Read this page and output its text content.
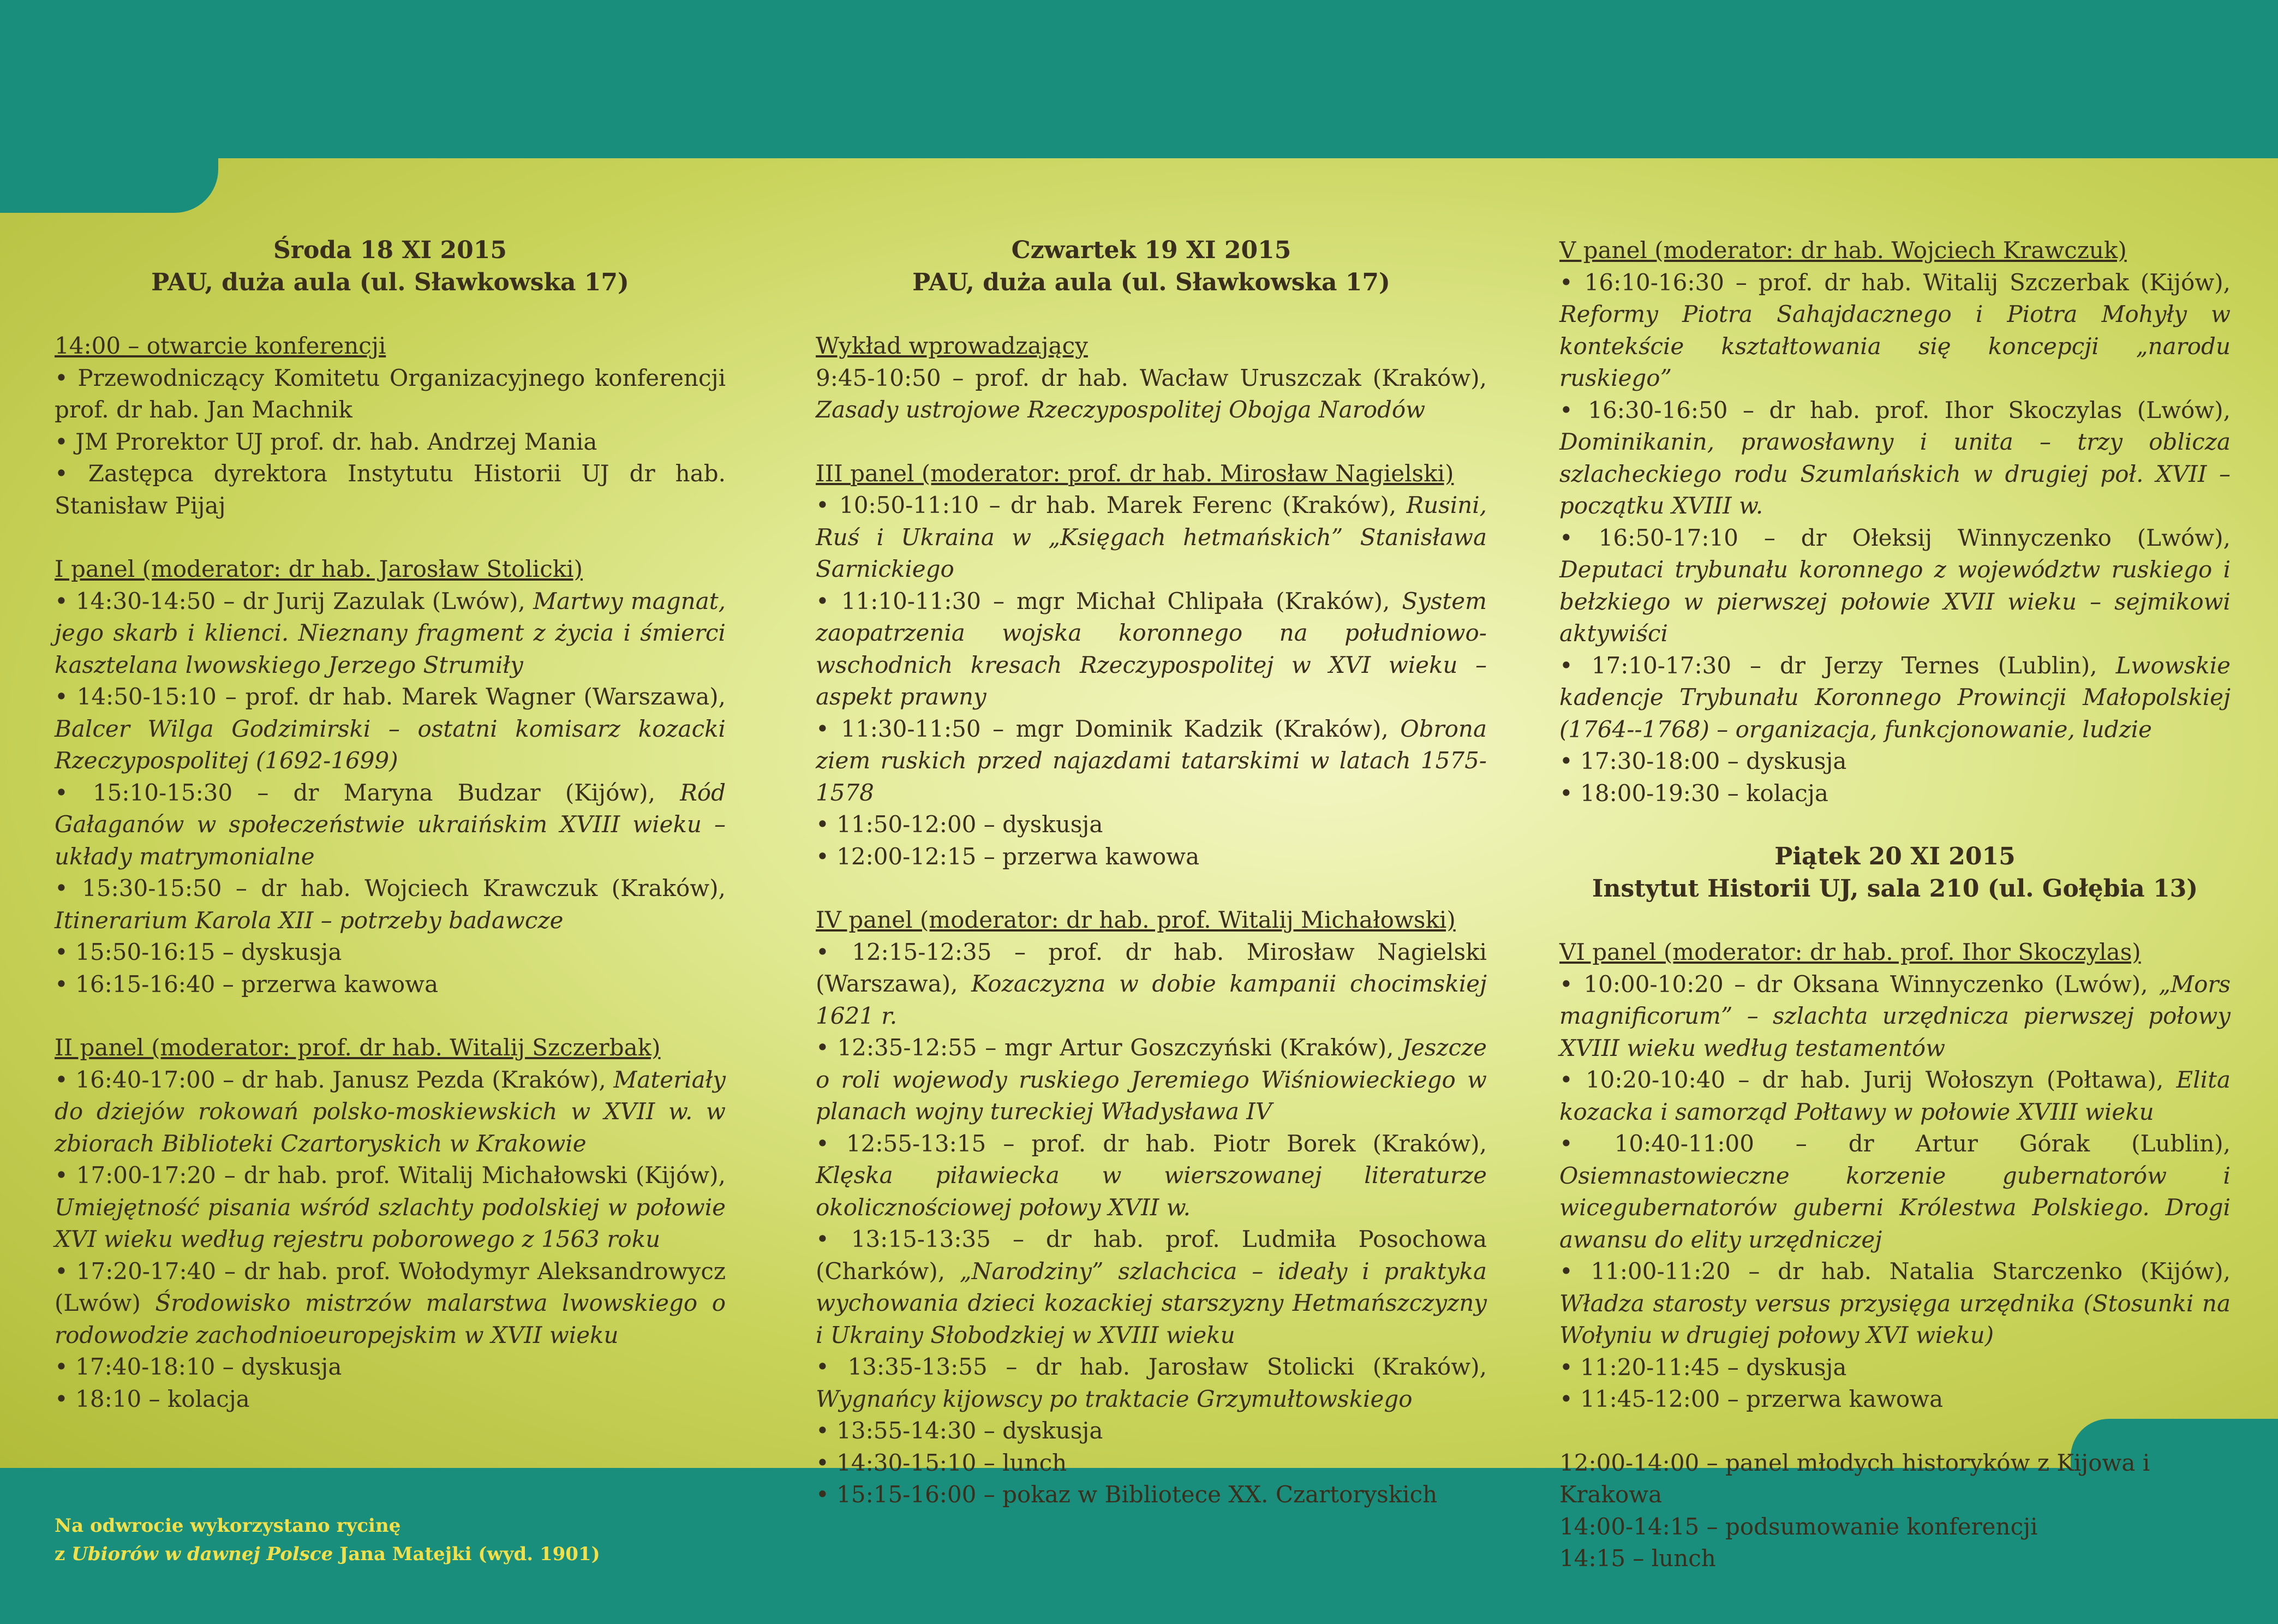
Środa 18 XI 2015
PAU, duża aula (ul. Sławkowska 17)
14:00 – otwarcie konferencji
• Przewodniczący Komitetu Organizacyjnego konferencji prof. dr hab. Jan Machnik
• JM Prorektor UJ prof. dr. hab. Andrzej Mania
• Zastępca dyrektora Instytutu Historii UJ dr hab. Stanisław Pijaj
I panel (moderator: dr hab. Jarosław Stolicki)
• 14:30-14:50 – dr Jurij Zazulak (Lwów), Martwy magnat, jego skarb i klienci. Nieznany fragment z życia i śmierci kasztelana lwowskiego Jerzego Strumiły
• 14:50-15:10 – prof. dr hab. Marek Wagner (Warszawa), Balcer Wilga Godzimirski – ostatni komisarz kozacki Rzeczypospolitej (1692-1699)
• 15:10-15:30 – dr Maryna Budzar (Kijów), Ród Gałaganów w społeczeństwie ukraińskim XVIII wieku – układy matrymonialne
• 15:30-15:50 – dr hab. Wojciech Krawczuk (Kraków), Itinerarium Karola XII – potrzeby badawcze
• 15:50-16:15 – dyskusja
• 16:15-16:40 – przerwa kawowa
II panel (moderator: prof. dr hab. Witalij Szczerbak)
• 16:40-17:00 – dr hab. Janusz Pezda (Kraków), Materiały do dziejów rokowań polsko-moskiewskich w XVII w. w zbiorach Biblioteki Czartoryskich w Krakowie
• 17:00-17:20 – dr hab. prof. Witalij Michałowski (Kijów), Umiejętność pisania wśród szlachty podolskiej w połowie XVI wieku według rejestru poborowego z 1563 roku
• 17:20-17:40 – dr hab. prof. Wołodymyr Aleksandrowycz (Lwów) Środowisko mistrzów malarstwa lwowskiego o rodowodzie zachodnioeuropejskim w XVII wieku
• 17:40-18:10 – dyskusja
• 18:10 – kolacja
Czwartek 19 XI 2015
PAU, duża aula (ul. Sławkowska 17)
Wykład wprowadzający
9:45-10:50 – prof. dr hab. Wacław Uruszczak (Kraków), Zasady ustrojowe Rzeczypospolitej Obojga Narodów
III panel (moderator: prof. dr hab. Mirosław Nagielski)
• 10:50-11:10 – dr hab. Marek Ferenc (Kraków), Rusini, Ruś i Ukraina w „Księgach hetmańskich” Stanisława Sarnickiego
• 11:10-11:30 – mgr Michał Chlipała (Kraków), System zaopatrzenia wojska koronnego na południowo-wschodnich kresach Rzeczypospolitej w XVI wieku – aspekt prawny
• 11:30-11:50 – mgr Dominik Kadzik (Kraków), Obrona ziem ruskich przed najazdami tatarskimi w latach 1575-1578
• 11:50-12:00 – dyskusja
• 12:00-12:15 – przerwa kawowa
IV panel (moderator: dr hab. prof. Witalij Michałowski)
• 12:15-12:35 – prof. dr hab. Mirosław Nagielski (Warszawa), Kozaczyzna w dobie kampanii chocimskiej 1621 r.
• 12:35-12:55 – mgr Artur Goszczyński (Kraków), Jeszcze o roli wojewody ruskiego Jeremiego Wiśniowieckiego w planach wojny tureckiej Władysława IV
• 12:55-13:15 – prof. dr hab. Piotr Borek (Kraków), Klęska piławiecka w wierszowanej literaturze okolicznościowej połowy XVII w.
• 13:15-13:35 – dr hab. prof. Ludmiła Posochowa (Charków), „Narodziny” szlachcica – ideały i praktyka wychowania dzieci kozackiej starszyzny Hetmańszczyzny i Ukrainy Słobodzkiej w XVIII wieku
• 13:35-13:55 – dr hab. Jarosław Stolicki (Kraków), Wygnańcy kijowscy po traktacie Grzymułtowskiego
• 13:55-14:30 – dyskusja
• 14:30-15:10 – lunch
• 15:15-16:00 – pokaz w Bibliotece XX. Czartoryskich
V panel (moderator: dr hab. Wojciech Krawczuk)
• 16:10-16:30 – prof. dr hab. Witalij Szczerbak (Kijów), Reformy Piotra Sahajdacznego i Piotra Mohyły w kontekście kształtowania się koncepcji „narodu ruskiego”
• 16:30-16:50 – dr hab. prof. Ihor Skoczylas (Lwów), Dominikanin, prawosławny i unita – trzy oblicza szlacheckiego rodu Szumlańskich w drugiej poł. XVII – początku XVIII w.
• 16:50-17:10 – dr Ołeksij Winnyczenko (Lwów), Deputaci trybunału koronnego z województw ruskiego i bełzkiego w pierwszej połowie XVII wieku – sejmikowi aktywiści
• 17:10-17:30 – dr Jerzy Ternes (Lublin), Lwowskie kadencje Trybunału Koronnego Prowincji Małopolskiej (1764--1768) – organizacja, funkcjonowanie, ludzie
• 17:30-18:00 – dyskusja
• 18:00-19:30 – kolacja
Piątek 20 XI 2015
Instytut Historii UJ, sala 210 (ul. Gołębia 13)
VI panel (moderator: dr hab. prof. Ihor Skoczylas)
• 10:00-10:20 – dr Oksana Winnyczenko (Lwów), „Mors magnificorum” – szlachta urzędnicza pierwszej połowy XVIII wieku według testamentów
• 10:20-10:40 – dr hab. Jurij Wołoszyn (Połtawa), Elita kozacka i samorząd Połtawy w połowie XVIII wieku
• 10:40-11:00 – dr Artur Górak (Lublin), Osiemnastowieczne korzenie gubernatorów i wicegubernatorów guberni Królestwa Polskiego. Drogi awansu do elity urzędniczej
• 11:00-11:20 – dr hab. Natalia Starczenko (Kijów), Władza starosty versus przysięga urzędnika (Stosunki na Wołyniu w drugiej połowy XVI wieku)
• 11:20-11:45 – dyskusja
• 11:45-12:00 – przerwa kawowa
12:00-14:00 – panel młodych historyków z Kijowa i Krakowa
14:00-14:15 – podsumowanie konferencji
14:15 – lunch
Na odwrocie wykorzystano rycinę
z Ubiorów w dawnej Polsce Jana Matejki (wyd. 1901)
